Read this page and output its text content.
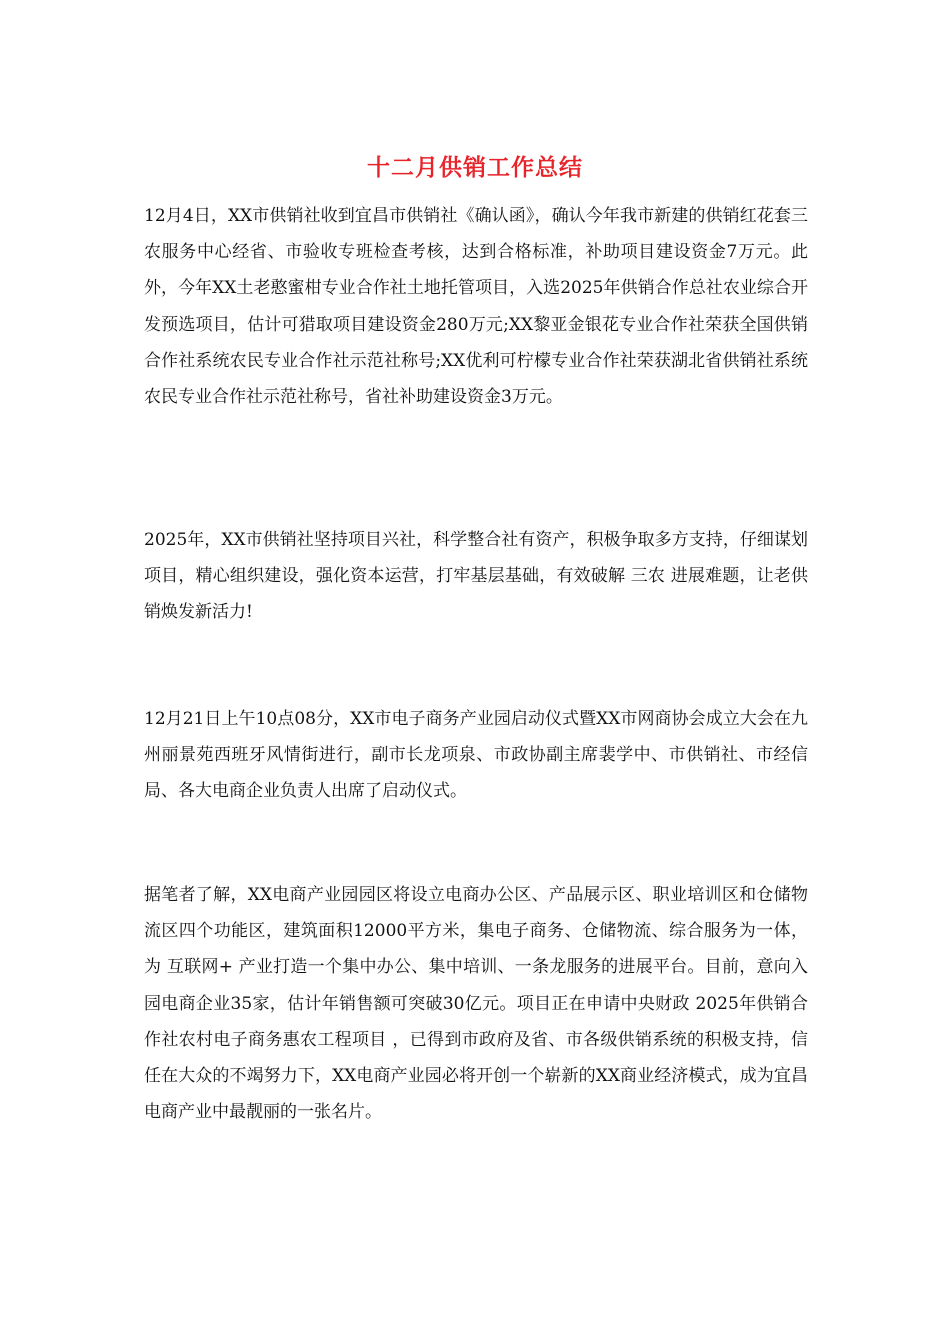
十二月供销工作总结

12月4日，XX市供销社收到宜昌市供销社《确认函》，确认今年我市新建的供销红花套三农服务中心经省、市验收专班检查考核，达到合格标准，补助项目建设资金7万元。此外，今年XX土老憨蜜柑专业合作社土地托管项目，入选2025年供销合作总社农业综合开发预选项目，估计可猎取项目建设资金280万元;XX黎亚金银花专业合作社荣获全国供销合作社系统农民专业合作社示范社称号;XX优利可柠檬专业合作社荣获湖北省供销社系统农民专业合作社示范社称号，省社补助建设资金3万元。

2025年，XX市供销社坚持项目兴社，科学整合社有资产，积极争取多方支持，仔细谋划项目，精心组织建设，强化资本运营，打牢基层基础，有效破解 三农 进展难题，让老供销焕发新活力!

12月21日上午10点08分，XX市电子商务产业园启动仪式暨XX市网商协会成立大会在九州丽景苑西班牙风情街进行，副市长龙项泉、市政协副主席裴学中、市供销社、市经信局、各大电商企业负责人出席了启动仪式。

据笔者了解，XX电商产业园园区将设立电商办公区、产品展示区、职业培训区和仓储物流区四个功能区，建筑面积12000平方米，集电子商务、仓储物流、综合服务为一体，为 互联网+ 产业打造一个集中办公、集中培训、一条龙服务的进展平台。目前，意向入园电商企业35家，估计年销售额可突破30亿元。项目正在申请中央财政 2025年供销合作社农村电子商务惠农工程项目 ，已得到市政府及省、市各级供销系统的积极支持，信任在大众的不竭努力下，XX电商产业园必将开创一个崭新的XX商业经济模式，成为宜昌电商产业中最靓丽的一张名片。
